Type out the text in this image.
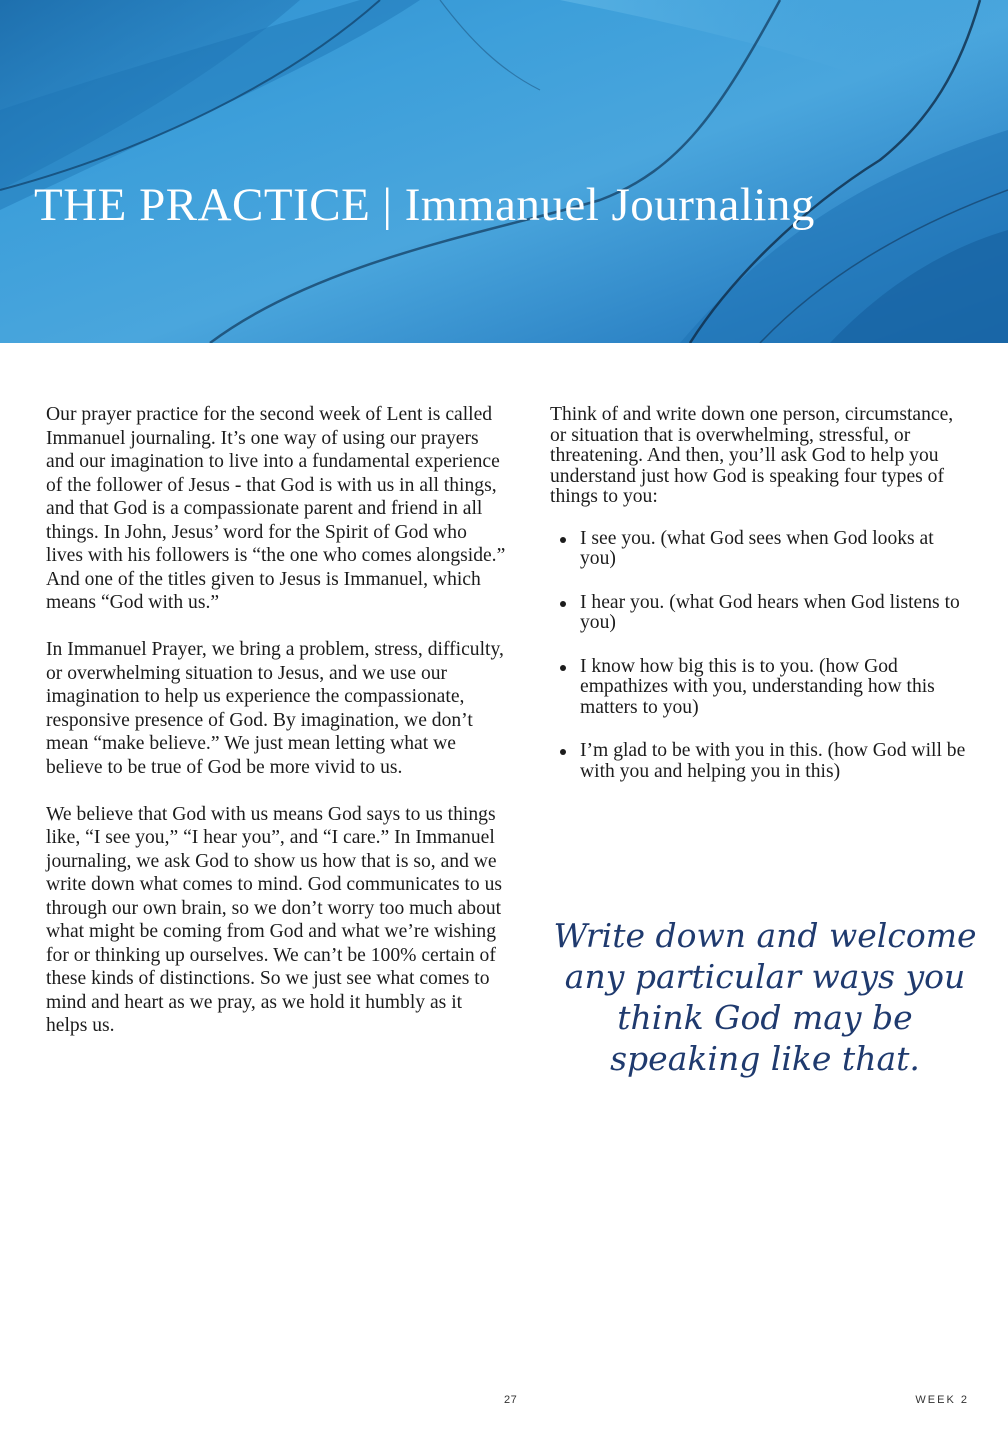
THE PRACTICE | Immanuel Journaling

Our prayer practice for the second week of Lent is called Immanuel journaling. It’s one way of using our prayers and our imagination to live into a fundamental experience of the follower of Jesus - that God is with us in all things, and that God is a compassionate parent and friend in all things. In John, Jesus’ word for the Spirit of God who lives with his followers is “the one who comes alongside.” And one of the titles given to Jesus is Immanuel, which means “God with us.”

In Immanuel Prayer, we bring a problem, stress, difficulty, or overwhelming situation to Jesus, and we use our imagination to help us experience the compassionate, responsive presence of God. By imagination, we don’t mean “make believe.” We just mean letting what we believe to be true of God be more vivid to us.

We believe that God with us means God says to us things like, “I see you,” “I hear you”, and “I care.” In Immanuel journaling, we ask God to show us how that is so, and we write down what comes to mind. God communicates to us through our own brain, so we don’t worry too much about what might be coming from God and what we’re wishing for or thinking up ourselves. We can’t be 100% certain of these kinds of distinctions. So we just see what comes to mind and heart as we pray, as we hold it humbly as it helps us.

Think of and write down one person, circumstance, or situation that is overwhelming, stressful, or threatening. And then, you’ll ask God to help you understand just how God is speaking four types of things to you:

I see you. (what God sees when God looks at you)
I hear you. (what God hears when God listens to you)
I know how big this is to you. (how God empathizes with you, understanding how this matters to you)
I’m glad to be with you in this. (how God will be with you and helping you in this)

Write down and welcome any particular ways you think God may be speaking like that.

27	WEEK 2
